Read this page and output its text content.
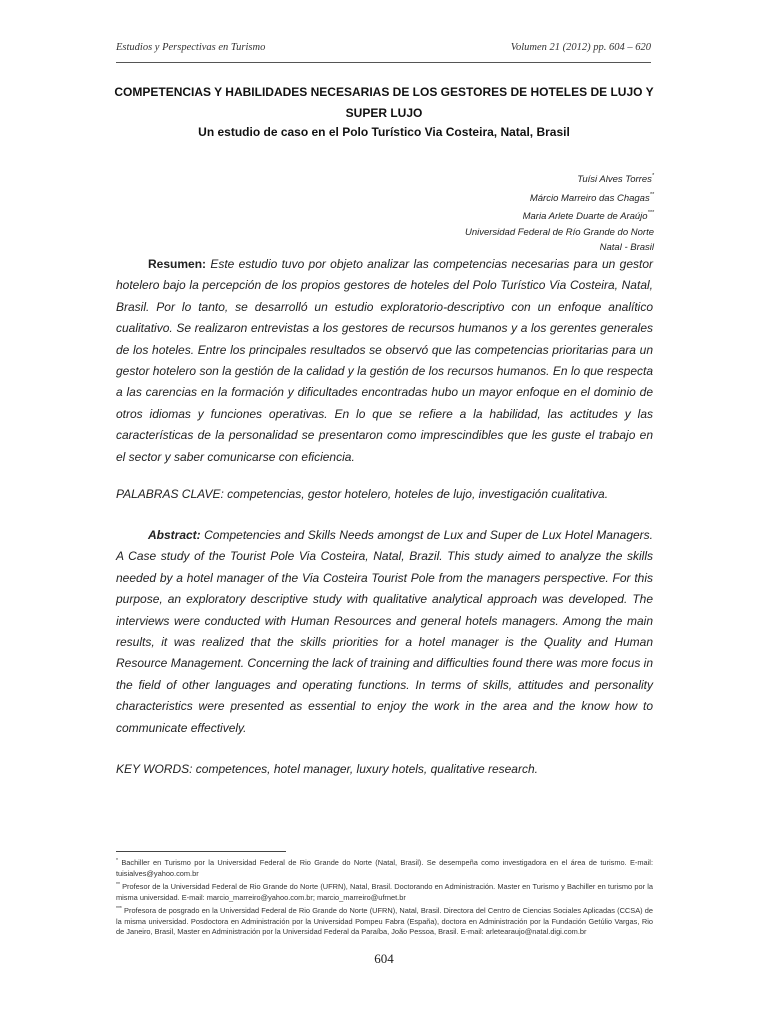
Estudios y Perspectivas en Turismo	Volumen 21 (2012) pp. 604 – 620
COMPETENCIAS Y HABILIDADES NECESARIAS DE LOS GESTORES DE HOTELES DE LUJO Y
SUPER LUJO
Un estudio de caso en el Polo Turístico Via Costeira, Natal, Brasil
Tuísi Alves Torres*
Márcio Marreiro das Chagas**
Maria Arlete Duarte de Araújo***
Universidad Federal de Río Grande do Norte
Natal - Brasil
Resumen: Este estudio tuvo por objeto analizar las competencias necesarias para un gestor hotelero bajo la percepción de los propios gestores de hoteles del Polo Turístico Via Costeira, Natal, Brasil. Por lo tanto, se desarrolló un estudio exploratorio-descriptivo con un enfoque analítico cualitativo. Se realizaron entrevistas a los gestores de recursos humanos y a los gerentes generales de los hoteles. Entre los principales resultados se observó que las competencias prioritarias para un gestor hotelero son la gestión de la calidad y la gestión de los recursos humanos. En lo que respecta a las carencias en la formación y dificultades encontradas hubo un mayor enfoque en el dominio de otros idiomas y funciones operativas. En lo que se refiere a la habilidad, las actitudes y las características de la personalidad se presentaron como imprescindibles que les guste el trabajo en el sector y saber comunicarse con eficiencia.
PALABRAS CLAVE: competencias, gestor hotelero, hoteles de lujo, investigación cualitativa.
Abstract: Competencies and Skills Needs amongst de Lux and Super de Lux Hotel Managers. A Case study of the Tourist Pole Via Costeira, Natal, Brazil. This study aimed to analyze the skills needed by a hotel manager of the Via Costeira Tourist Pole from the managers perspective. For this purpose, an exploratory descriptive study with qualitative analytical approach was developed. The interviews were conducted with Human Resources and general hotels managers. Among the main results, it was realized that the skills priorities for a hotel manager is the Quality and Human Resource Management. Concerning the lack of training and difficulties found there was more focus in the field of other languages and operating functions. In terms of skills, attitudes and personality characteristics were presented as essential to enjoy the work in the area and the know how to communicate effectively.
KEY WORDS: competences, hotel manager, luxury hotels, qualitative research.

* Bachiller en Turismo por la Universidad Federal de Rio Grande do Norte (Natal, Brasil). Se desempeña como investigadora en el área de turismo. E-mail: tuisialves@yahoo.com.br

** Profesor de la Universidad Federal de Rio Grande do Norte (UFRN), Natal, Brasil. Doctorando en Administración. Master en Turismo y Bachiller en turismo por la misma universidad. E-mail: marcio_marreiro@yahoo.com.br; marcio_marreiro@ufrnet.br

*** Profesora de posgrado en la Universidad Federal de Rio Grande do Norte (UFRN), Natal, Brasil. Directora del Centro de Ciencias Sociales Aplicadas (CCSA) de la misma universidad. Posdoctora en Administración por la Universidad Pompeu Fabra (España), doctora en Administración por la Fundación Getúlio Vargas, Rio de Janeiro, Brasil, Master en Administración por la Universidad Federal da Paraíba, João Pessoa, Brasil. E-mail: arletearaujo@natal.digi.com.br

604
